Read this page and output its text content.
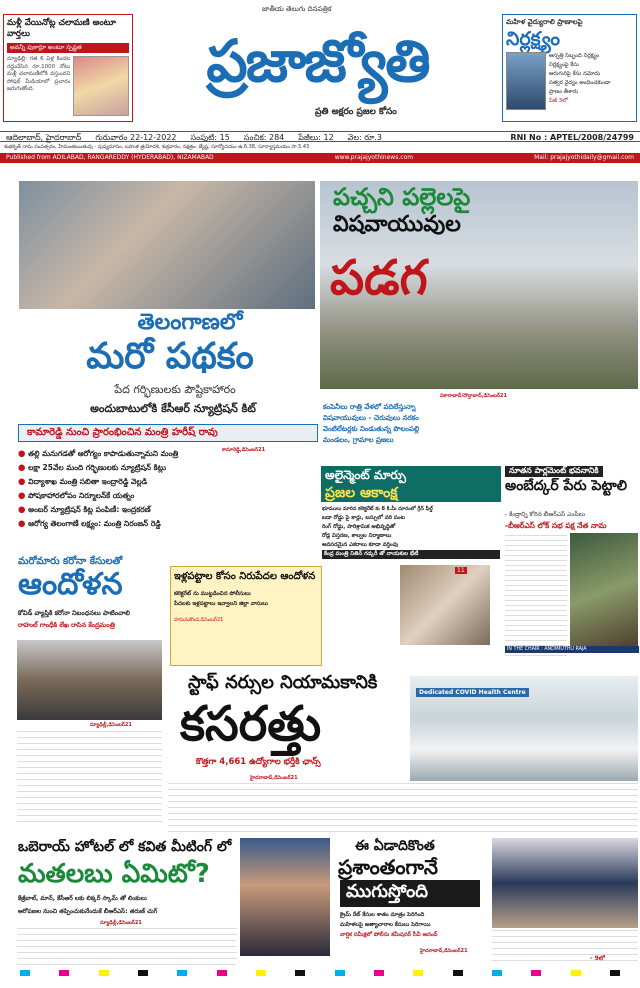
మళ్లీ వేయినోట్ల చలామణి అంటూ వార్తలు
అవన్నీ పుకార్లూ అంటూ స్పష్టత
న్యూఢిల్లీ: గత 6 ఏళ్ల కిందట రద్దుచేసిన రూ.1000 నోటు మళ్లీ చలామణీలోకి వస్తుందని సోషల్ మీడియాలో ప్రచారం జరుగుతోంది.
జాతీయ తెలుగు దినపత్రిక
ప్రజాజ్యోతి
ప్రతి అక్షరం ప్రజల కోసం
మహిళ వైద్యురాలి ప్రాణాలపై
నిర్లక్ష్యం
ఆస్పత్రి సిబ్బంది నిర్లక్ష్యం
నిర్లక్ష్యంపై కేసు
ఆరుగురిపై కేసు నమోదు
సత్వర వైద్యం అందించకుండా
ప్రాణం తీశారు
పేజీ 3లో
ఆదిలాబాద్, హైదరాబాద్ గురువారం 22-12-2022 సంపుటి: 15 సంచిక: 284 పేజీలు: 12 వెల: రూ.3	RNI No : APTEL/2008/24799
శుభకృత్ నామ సంవత్సరం, హేమంతఋతువు - పుష్యమాసం, బహుళ త్రయోదశి, శుక్రవారం, నక్షత్రం: జ్యేష్ఠ, సూర్యోదయం ఉ.6.38, సూర్యాస్తమయం సా.5.43
Published from ADILABAD, RANGAREDDY (HYDERABAD), NIZAMABAD	www.prajajyothinews.com	Mail: prajajyothidaily@gmail.com
తెలంగాణలో
మరో పథకం
పేద గర్భిణులకు పౌష్టికాహారం
అందుబాటులోకి కేసీఆర్ న్యూట్రిషన్ కిట్
కామారెడ్డి నుంచి ప్రారంభించిన మంత్రి హరీష్ రావు
● తల్లి మనుగడతో ఆరోగ్యం కాపాడుతున్నామని మంత్రి
● లక్షా 25వేల మంది గర్భిణులకు న్యూట్రిషన్ కిట్లు
● విద్యాశాఖ మంత్రి సబితా ఇంద్రారెడ్డి వెల్లడి
● పోషకాహారలోపం నిర్మూలన్‌కే యత్నం
● అంబర్ న్యూట్రిషన్ కిట్ల పంపిణీ: ఇంద్రకరణ్
● ఆరోగ్య తెలంగాణే లక్ష్యం: మంత్రి నిరంజన్ రెడ్డి
కామారెడ్డి,డిసెంబర్21
పచ్చని పల్లెలపై
విషవాయువుల
పడగ
వికారాబాద్/దౌల్తాబాద్,డిసెంబర్21
కంపెనీలు రాత్రి వేళలో వదిలేస్తున్నా
విషవాయువులు - చెరువులు నరకం
వెంటిలేటర్లకు నిండుతున్న పొలంపల్లి
మండలం, గ్రామాల ప్రజలు
అలైన్మెంట్ మార్పు
ప్రజల ఆకాంక్ష
భూములు మారిన కలెక్టరేట్ కు 8 కి.మీ దూరంలో గ్రీన్ ఫీల్డ్
బడా రోడ్డు పై కార్లు, బస్సులో వరి పంట
రింగ్ రోడ్డు, పారిశ్రామిక అభివృద్ధితో
రోడ్ల విస్తరణ, కాల్వల నిర్మాణాలు
అవసరమైన ఎకరాలు కూడా వర్తింపు
కేంద్ర మంత్రి నితిన్ గడ్కరీ తో నాయకుల భేటీ
11
నూతన పార్లమెంట్ భవనానికి
అంబేద్కర్ పేరు పెట్టాలి
- కేంద్రాన్ని కోరిన బీఆర్ఎస్ ఎంపీలు
-బీఆర్ఎస్ లోక్ సభ పక్ష నేత నామ
IN THE CHAIR : ANDIMUTHU RAJA
మరోమారు కరోనా కేసులతో
ఆందోళన
కోవిడ్ వ్యాప్తికి కరోనా నిబంధనలు పాటించాలి
రాహుల్ గాంధీకి లేఖ రాసిన కేంద్రమంత్రి
న్యూఢిల్లీ,డిసెంబర్21
ఇళ్లపట్టాల కోసం నిరుపేదల ఆందోళన
కలెక్టరేట్ ను ముట్టడించిన పోలీసులు
పేదలకు ఇళ్లపట్టాలు ఇవ్వాలని జిల్లా వాసులు
హనుమకొండ,డిసెంబర్21
స్టాఫ్ నర్సుల నియామకానికి
కసరత్తు
కొత్తగా 4,661 ఉద్యోగాల భర్తీకి ఛాన్స్
Dedicated COVID Health Centre
హైదరాబాద్,డిసెంబర్21
ఒబెరాయ్ హోటల్ లో కవిత మీటింగ్ లో
మతలబు ఏమిటో?
కేజ్రీవాల్, మాన్, కేసీఆర్ లకు లిక్కర్ స్కామ్ తో లింకులు
ఆరోపణల నుంచి తప్పించుకునేందుకే బీఆర్ఎస్: తరుణ్ చుగ్
న్యూఢిల్లీ,డిసెంబర్21
ఈ ఏడాదికొంత
ప్రశాంతంగానే
ముగుస్తోంది
క్రైమ్ రేట్ కేసుల శాతం మాత్రం పెరిగింది
మహిళలపై అత్యాచారాల కేసులు పెరిగాయి
వార్షిక సమీక్షలో పోలీసు కమీషనర్ సీవీ ఆనంద్
హైదరాబాద్,డిసెంబర్21
- 9లో
